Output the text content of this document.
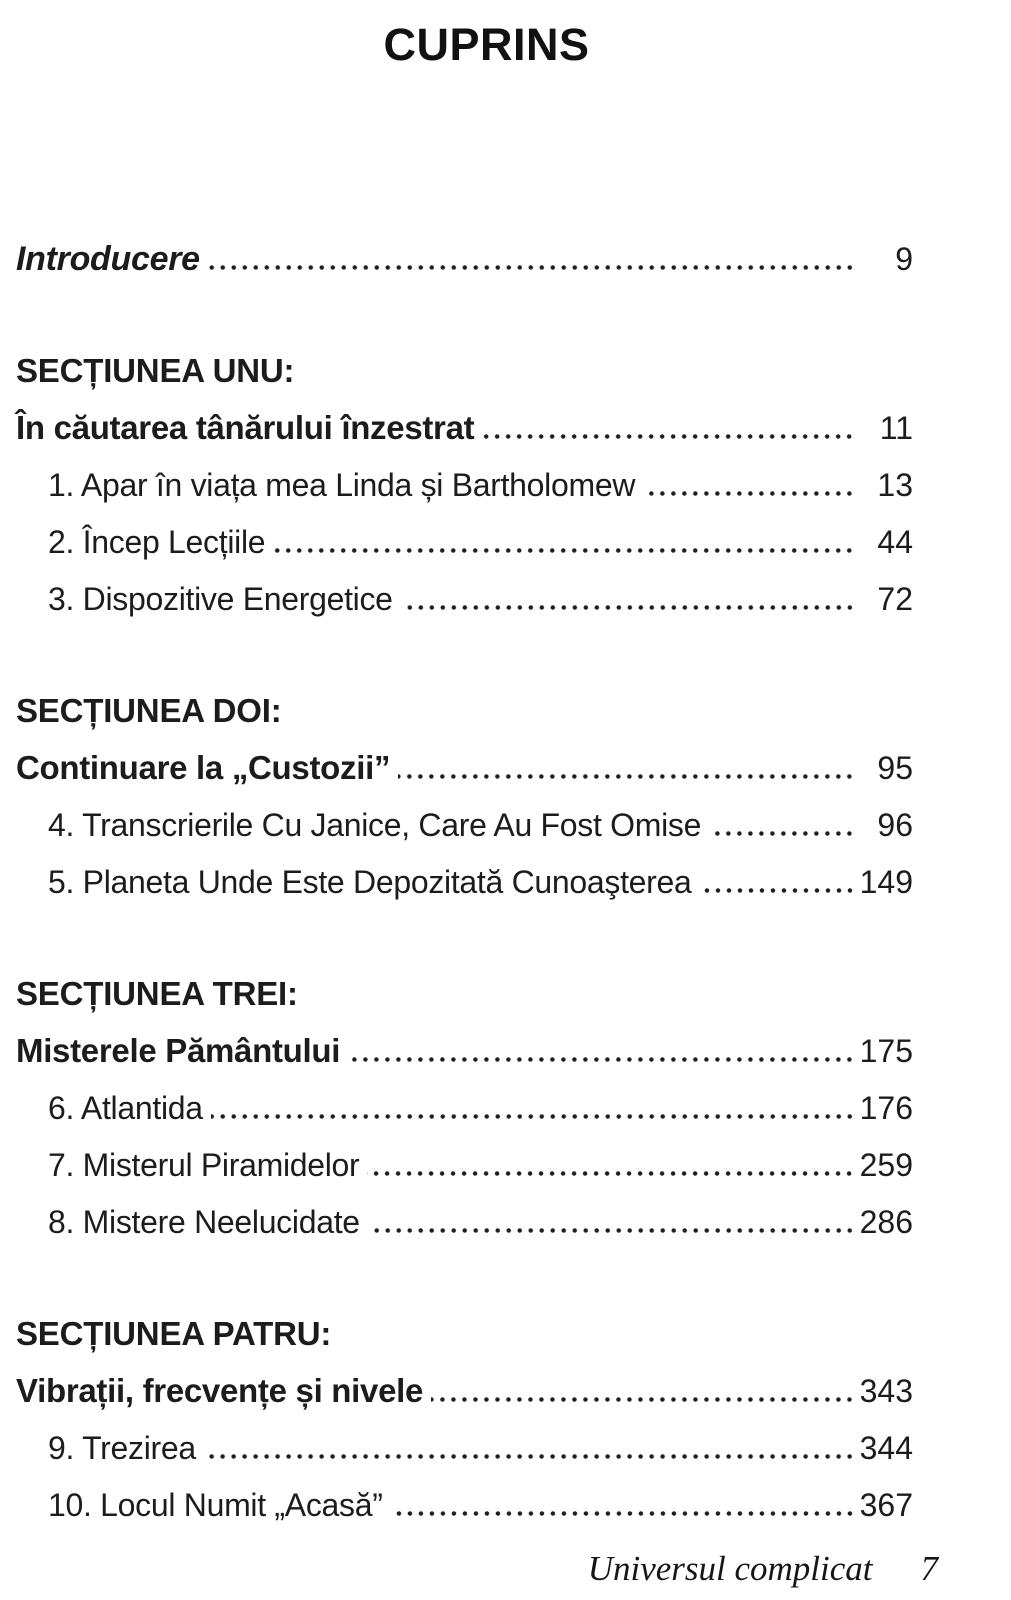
CUPRINS
Introducere	9
SECȚIUNEA UNU:
În căutarea tânărului înzestrat	11
1. Apar în viața mea Linda și Bartholomew	13
2. Încep Lecțiile	44
3. Dispozitive Energetice	72
SECȚIUNEA DOI:
Continuare la „Custozii”	95
4. Transcrierile Cu Janice, Care Au Fost Omise	96
5. Planeta Unde Este Depozitată Cunoaşterea	149
SECȚIUNEA TREI:
Misterele Pământului	175
6. Atlantida	176
7. Misterul Piramidelor	259
8. Mistere Neelucidate	286
SECȚIUNEA PATRU:
Vibrații, frecvențe și nivele	343
9. Trezirea	344
10. Locul Numit „Acasă”	367
Universul complicat 7
